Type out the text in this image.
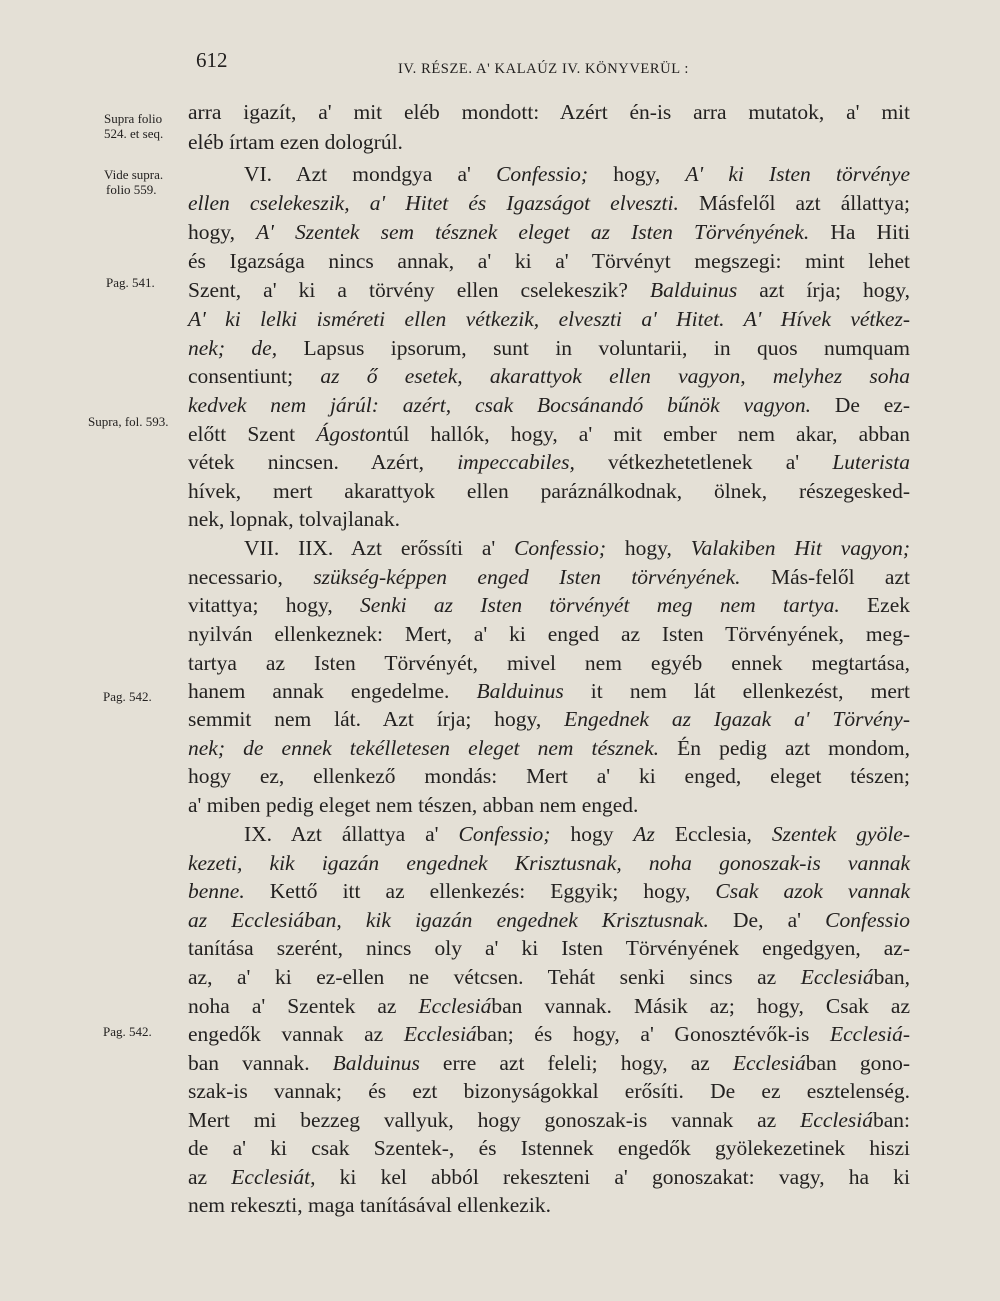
612	IV. RÉSZE. A' KALAÚZ IV. KÖNYVERÜL :
Supra folio
524. et seq.
Vide supra.
folio 559.
Pag. 541.
Supra, fol. 593.
Pag. 542.
Pag. 542.
arra igazít, a' mit eléb mondott: Azért én-is arra mutatok, a' mit
eléb írtam ezen dologrúl.
VI. Azt mondgya a' Confessio; hogy, A' ki Isten törvénye
ellen cselekeszik, a' Hitet és Igazságot elveszti. Másfelől azt állattya;
hogy, A' Szentek sem tésznek eleget az Isten Törvényének. Ha Hiti
és Igazsága nincs annak, a' ki a' Törvényt megszegi: mint lehet
Szent, a' ki a törvény ellen cselekeszik? Balduinus azt írja; hogy,
A' ki lelki isméreti ellen vétkezik, elveszti a' Hitet. A' Hívek vétkez-
nek; de, Lapsus ipsorum, sunt in voluntarii, in quos numquam
consentiunt; az ő esetek, akarattyok ellen vagyon, melyhez soha
kedvek nem járúl: azért, csak Bocsánandó bűnök vagyon. De ez-
előtt Szent Ágostontúl hallók, hogy, a' mit ember nem akar, abban
vétek nincsen. Azért, impeccabiles, vétkezhetetlenek a' Luterista
hívek, mert akarattyok ellen paráználkodnak, ölnek, részegesked-
nek, lopnak, tolvajlanak.
VII. IIX. Azt erőssíti a' Confessio; hogy, Valakiben Hit vagyon;
necessario, szükség-képpen enged Isten törvényének. Más-felől azt
vitattya; hogy, Senki az Isten törvényét meg nem tartya. Ezek
nyilván ellenkeznek: Mert, a' ki enged az Isten Törvényének, meg-
tartya az Isten Törvényét, mivel nem egyéb ennek megtartása,
hanem annak engedelme. Balduinus it nem lát ellenkezést, mert
semmit nem lát. Azt írja; hogy, Engednek az Igazak a' Törvény-
nek; de ennek tekélletesen eleget nem tésznek. Én pedig azt mondom,
hogy ez, ellenkező mondás: Mert a' ki enged, eleget tészen;
a' miben pedig eleget nem tészen, abban nem enged.
IX. Azt állattya a' Confessio; hogy Az Ecclesia, Szentek gyöle-
kezeti, kik igazán engednek Krisztusnak, noha gonoszak-is vannak
benne. Kettő itt az ellenkezés: Eggyik; hogy, Csak azok vannak
az Ecclesiában, kik igazán engednek Krisztusnak. De, a' Confessio
tanítása szerént, nincs oly a' ki Isten Törvényének engedgyen, az-
az, a' ki ez-ellen ne vétcsen. Tehát senki sincs az Ecclesiában,
noha a' Szentek az Ecclesiában vannak. Másik az; hogy, Csak az
engedők vannak az Ecclesiában; és hogy, a' Gonosztévők-is Ecclesiá-
ban vannak. Balduinus erre azt feleli; hogy, az Ecclesiában gono-
szak-is vannak; és ezt bizonyságokkal erősíti. De ez esztelenség.
Mert mi bezzeg vallyuk, hogy gonoszak-is vannak az Ecclesiában:
de a' ki csak Szentek-, és Istennek engedők gyölekezetinek hiszi
az Ecclesiát, ki kel abból rekeszteni a' gonoszakat: vagy, ha ki
nem rekeszti, maga tanításával ellenkezik.
